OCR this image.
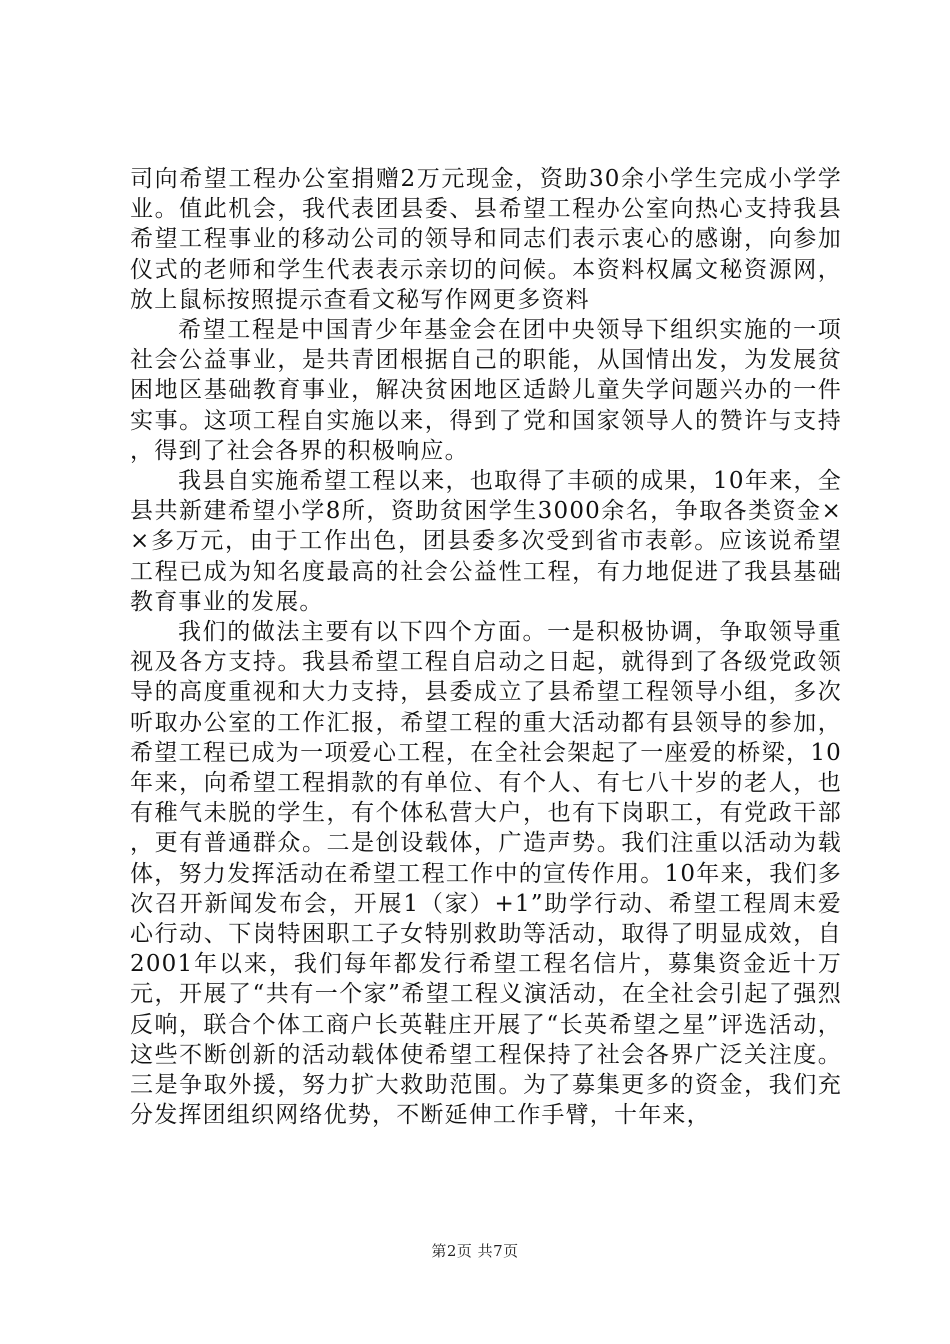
司向希望工程办公室捐赠2万元现金，资助30余小学生完成小学学业。值此机会，我代表团县委、县希望工程办公室向热心支持我县希望工程事业的移动公司的领导和同志们表示衷心的感谢，向参加仪式的老师和学生代表表示亲切的问候。本资料权属文秘资源网，放上鼠标按照提示查看文秘写作网更多资料

希望工程是中国青少年基金会在团中央领导下组织实施的一项社会公益事业，是共青团根据自己的职能，从国情出发，为发展贫困地区基础教育事业，解决贫困地区适龄儿童失学问题兴办的一件实事。这项工程自实施以来，得到了党和国家领导人的赞许与支持，得到了社会各界的积极响应。

我县自实施希望工程以来，也取得了丰硕的成果，10年来，全县共新建希望小学8所，资助贫困学生3000余名，争取各类资金××多万元，由于工作出色，团县委多次受到省市表彰。应该说希望工程已成为知名度最高的社会公益性工程，有力地促进了我县基础教育事业的发展。

我们的做法主要有以下四个方面。一是积极协调，争取领导重视及各方支持。我县希望工程自启动之日起，就得到了各级党政领导的高度重视和大力支持，县委成立了县希望工程领导小组，多次听取办公室的工作汇报，希望工程的重大活动都有县领导的参加，希望工程已成为一项爱心工程，在全社会架起了一座爱的桥梁，10年来，向希望工程捐款的有单位、有个人、有七八十岁的老人，也有稚气未脱的学生，有个体私营大户，也有下岗职工，有党政干部，更有普通群众。二是创设载体，广造声势。我们注重以活动为载体，努力发挥活动在希望工程工作中的宣传作用。10年来，我们多次召开新闻发布会，开展1（家）+1”助学行动、希望工程周末爱心行动、下岗特困职工子女特别救助等活动，取得了明显成效，自2001年以来，我们每年都发行希望工程名信片，募集资金近十万元，开展了“共有一个家”希望工程义演活动，在全社会引起了强烈反响，联合个体工商户长英鞋庄开展了“长英希望之星”评选活动，这些不断创新的活动载体使希望工程保持了社会各界广泛关注度。三是争取外援，努力扩大救助范围。为了募集更多的资金，我们充分发挥团组织网络优势，不断延伸工作手臂，十年来，

第2页 共7页
